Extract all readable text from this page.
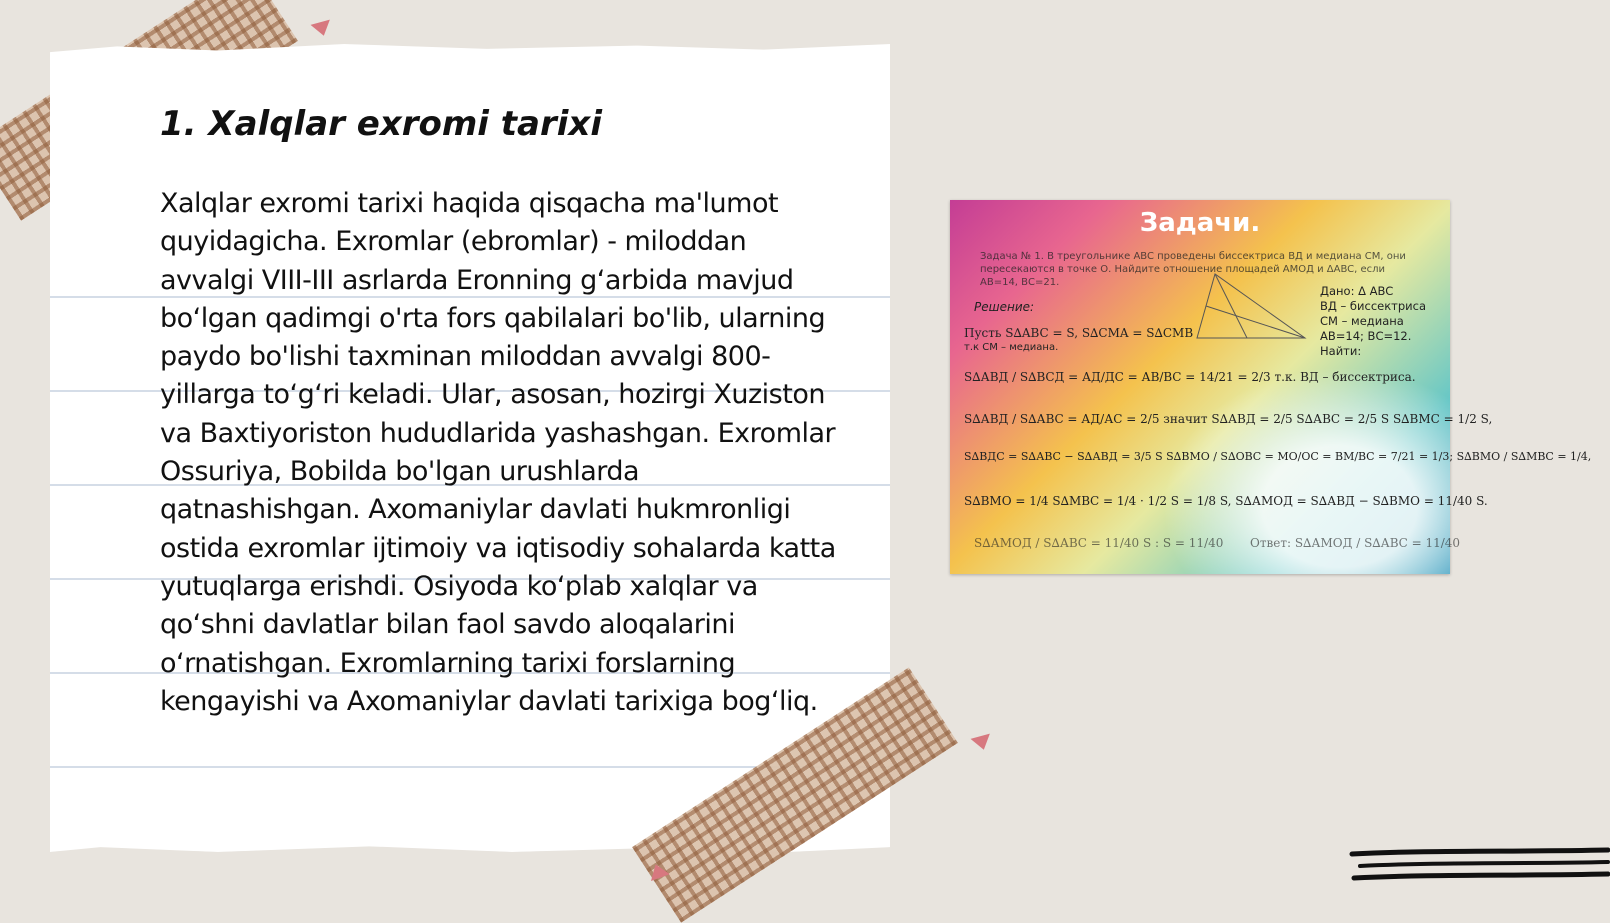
1. Xalqlar exromi tarixi

Xalqlar exromi tarixi haqida qisqacha ma'lumot quyidagicha. Exromlar (ebromlar) - miloddan avvalgi VIII-III asrlarda Eronning g‘arbida mavjud bo‘lgan qadimgi o'rta fors qabilalari bo'lib, ularning paydo bo'lishi taxminan miloddan avvalgi 800-yillarga to‘g‘ri keladi. Ular, asosan, hozirgi Xuziston va Baxtiyoriston hududlarida yashashgan. Exromlar Ossuriya, Bobilda bo'lgan urushlarda qatnashishgan. Axomaniylar davlati hukmronligi ostida exromlar ijtimoiy va iqtisodiy sohalarda katta yutuqlarga erishdi. Osiyoda ko‘plab xalqlar va qo‘shni davlatlar bilan faol savdo aloqalarini o‘rnatishgan. Exromlarning tarixi forslarning kengayishi va Axomaniylar davlati tarixiga bog‘liq.

Задачи.
Задача № 1. В треугольнике ABC проведены биссектриса ВД и медиана СМ, они пересекаются в точке О. Найдите отношение площадей АМОД и ΔABC, если АВ=14, ВС=21.
Решение:
Дано: Δ ABC
ВД – биссектриса
СМ – медиана
АВ=14; ВС=12.
Найти:
Пусть S∆ABC = S, S∆CMA = S∆CMB
т.к СМ – медиана.
S∆АВД / S∆ВСД = АД/ДС = АВ/ВС = 14/21 = 2/3 т.к. ВД – биссектриса.
S∆АВД / S∆АВС = АД/АС = 2/5 значит S∆АВД = 2/5 S∆АВС = 2/5 S S∆ВМС = 1/2 S,
S∆ВДС = S∆АВС − S∆АВД = 3/5 S S∆ВМО / S∆ОВС = МО/ОС = ВМ/ВС = 7/21 = 1/3; S∆ВМО / S∆МВС = 1/4,
S∆ВМО = 1/4 S∆МВС = 1/4 · 1/2 S = 1/8 S, S∆АМОД = S∆АВД − S∆ВМО = 11/40 S.
S∆АМОД / S∆АВС = 11/40 S : S = 11/40 Ответ: S∆АМОД / S∆АВС = 11/40
